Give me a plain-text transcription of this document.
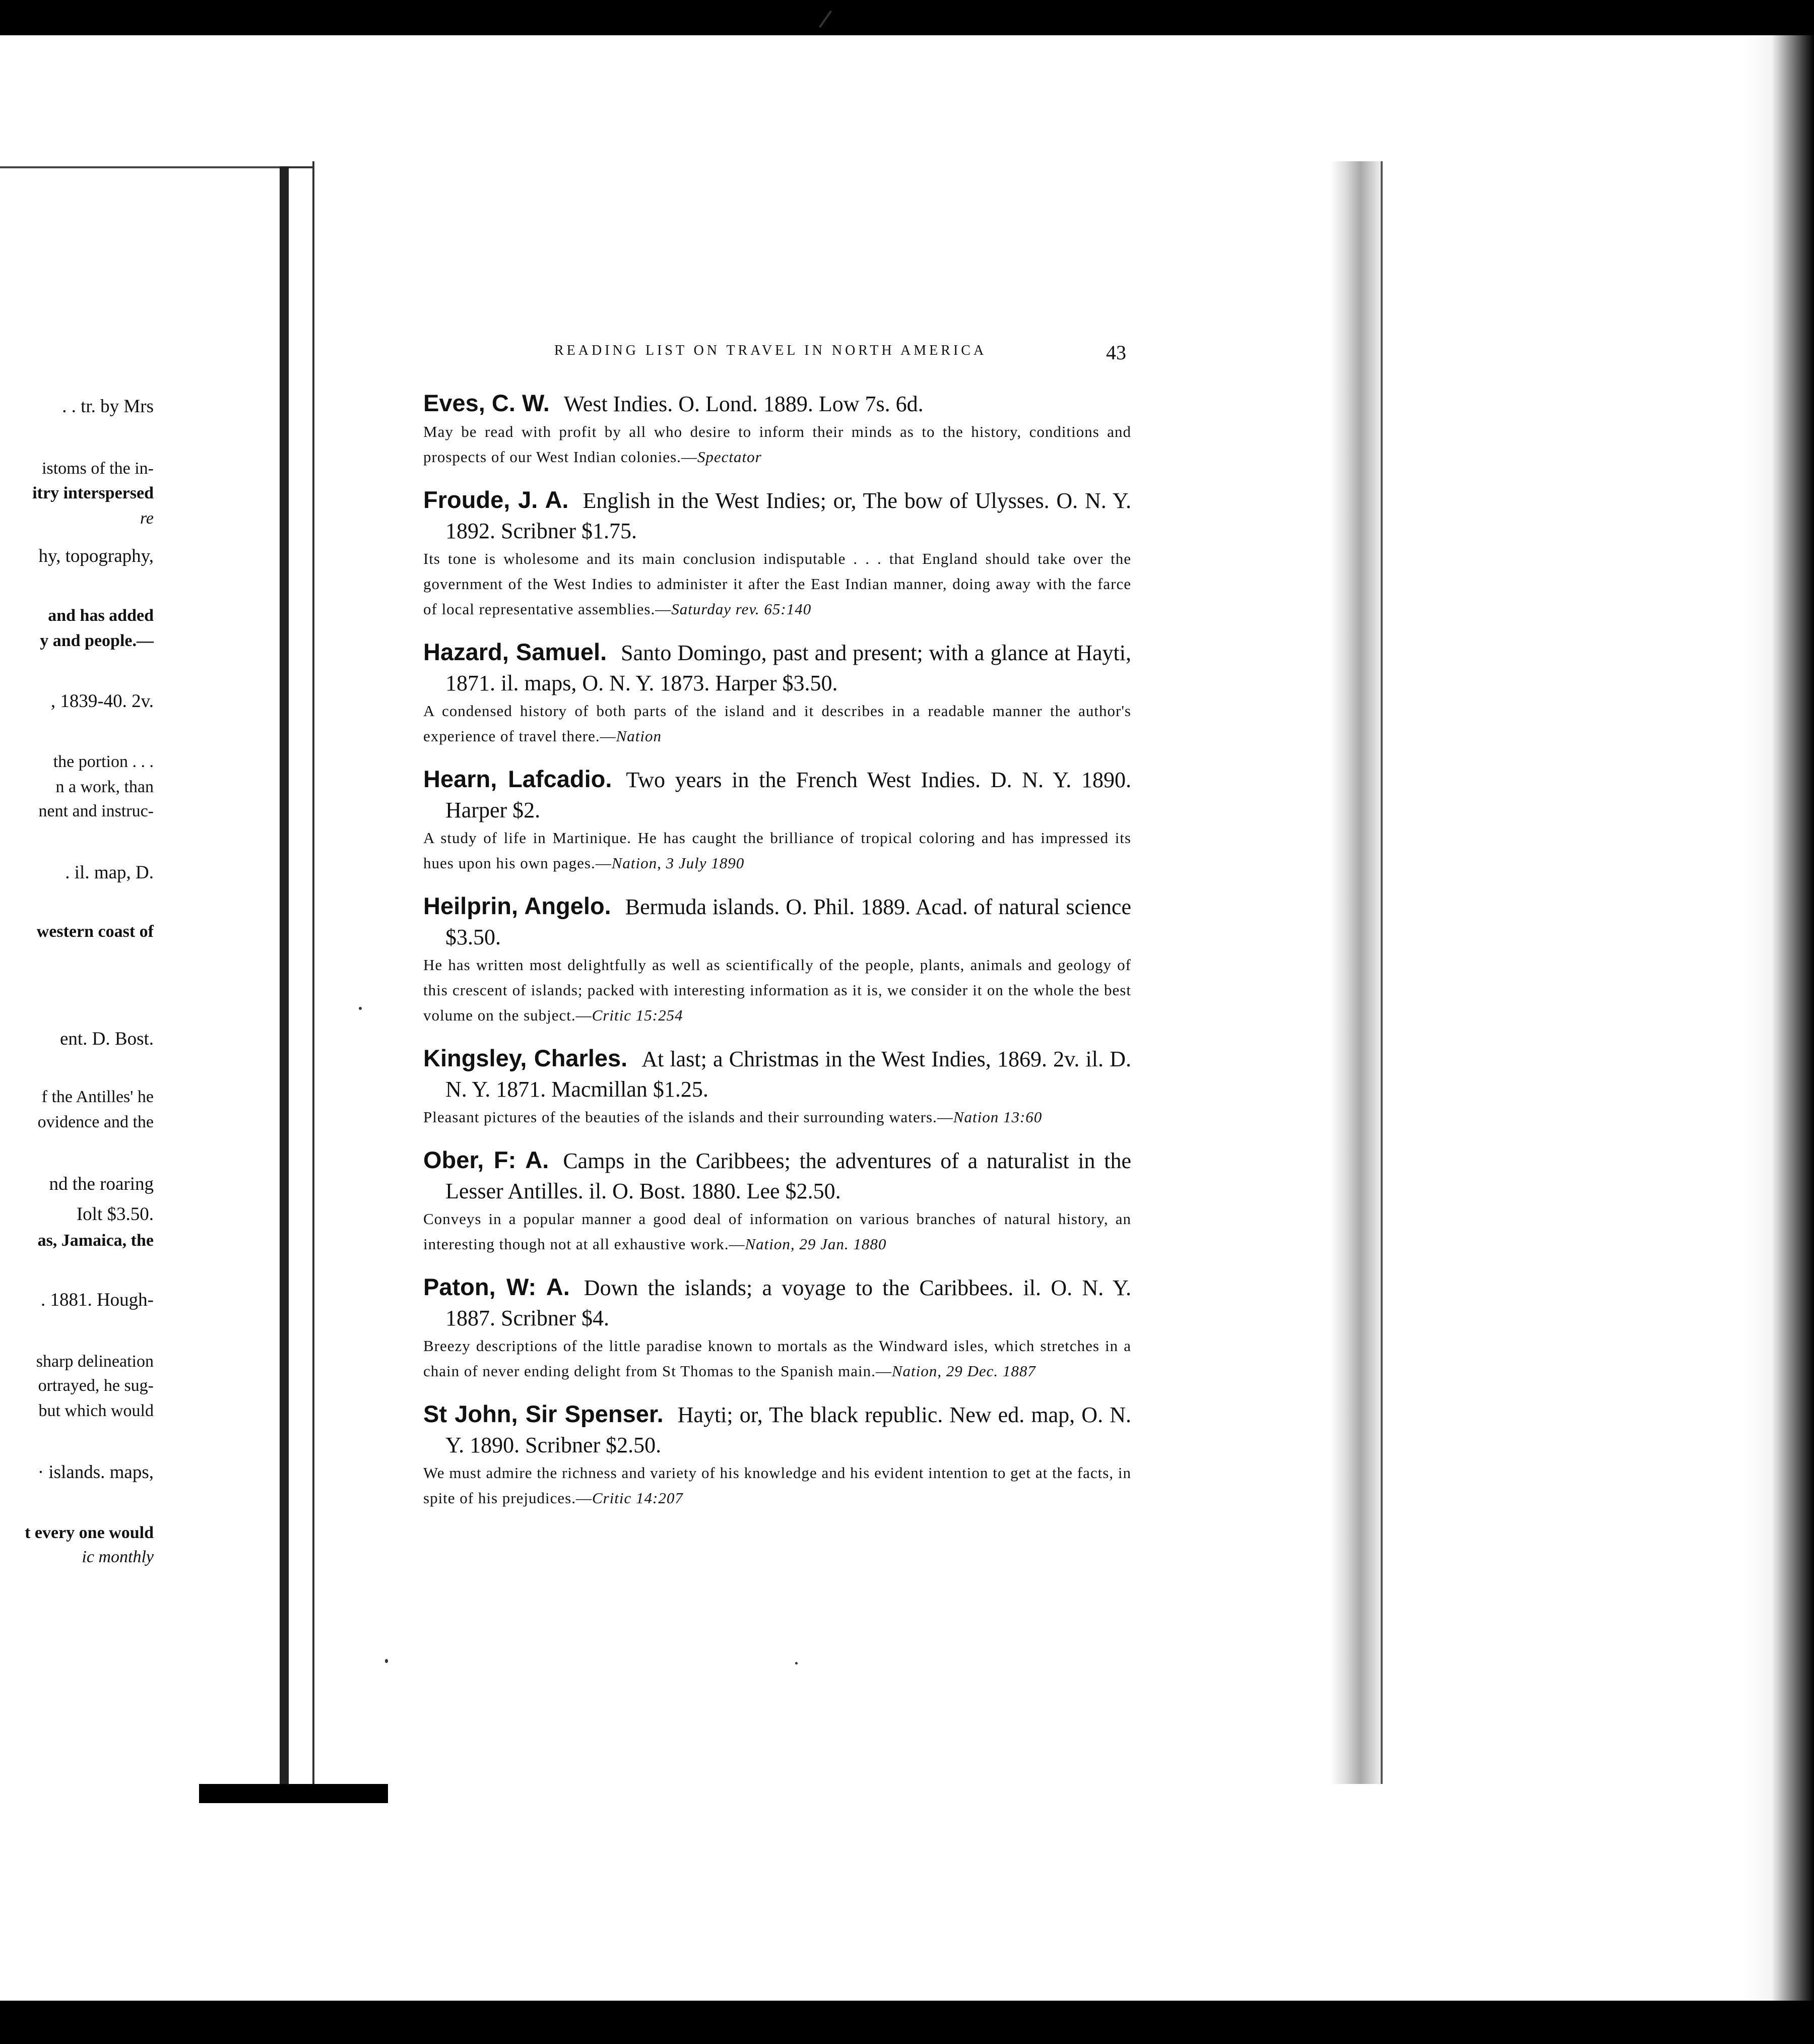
. . tr. by Mrs
istoms of the in-
itry interspersed
re
hy, topography,
and has added
y and people.—
, 1839-40. 2v.
the portion . . .
n a work, than
nent and instruc-
. il. map, D.
western coast of
ent. D. Bost.
f the Antilles' he
ovidence and the
nd the roaring
Iolt $3.50.
as, Jamaica, the
. 1881. Hough-
sharp delineation
ortrayed, he sug-
but which would
· islands. maps,
t every one would
ic monthly
READING LIST ON TRAVEL IN NORTH AMERICA	43
Eves, C. W. West Indies. O. Lond. 1889. Low 7s. 6d.
May be read with profit by all who desire to inform their minds as to the history, conditions and prospects of our West Indian colonies.—Spectator
Froude, J. A. English in the West Indies; or, The bow of Ulysses. O. N. Y. 1892. Scribner $1.75.
Its tone is wholesome and its main conclusion indisputable . . . that England should take over the government of the West Indies to administer it after the East Indian manner, doing away with the farce of local representative assemblies.—Saturday rev. 65:140
Hazard, Samuel. Santo Domingo, past and present; with a glance at Hayti, 1871. il. maps, O. N. Y. 1873. Harper $3.50.
A condensed history of both parts of the island and it describes in a readable manner the author's experience of travel there.—Nation
Hearn, Lafcadio. Two years in the French West Indies. D. N. Y. 1890. Harper $2.
A study of life in Martinique. He has caught the brilliance of tropical coloring and has impressed its hues upon his own pages.—Nation, 3 July 1890
Heilprin, Angelo. Bermuda islands. O. Phil. 1889. Acad. of natural science $3.50.
He has written most delightfully as well as scientifically of the people, plants, animals and geology of this crescent of islands; packed with interesting information as it is, we consider it on the whole the best volume on the subject.—Critic 15:254
Kingsley, Charles. At last; a Christmas in the West Indies, 1869. 2v. il. D. N. Y. 1871. Macmillan $1.25.
Pleasant pictures of the beauties of the islands and their surrounding waters.—Nation 13:60
Ober, F: A. Camps in the Caribbees; the adventures of a naturalist in the Lesser Antilles. il. O. Bost. 1880. Lee $2.50.
Conveys in a popular manner a good deal of information on various branches of natural history, an interesting though not at all exhaustive work.—Nation, 29 Jan. 1880
Paton, W: A. Down the islands; a voyage to the Caribbees. il. O. N. Y. 1887. Scribner $4.
Breezy descriptions of the little paradise known to mortals as the Windward isles, which stretches in a chain of never ending delight from St Thomas to the Spanish main.—Nation, 29 Dec. 1887
St John, Sir Spenser. Hayti; or, The black republic. New ed. map, O. N. Y. 1890. Scribner $2.50.
We must admire the richness and variety of his knowledge and his evident intention to get at the facts, in spite of his prejudices.—Critic 14:207
